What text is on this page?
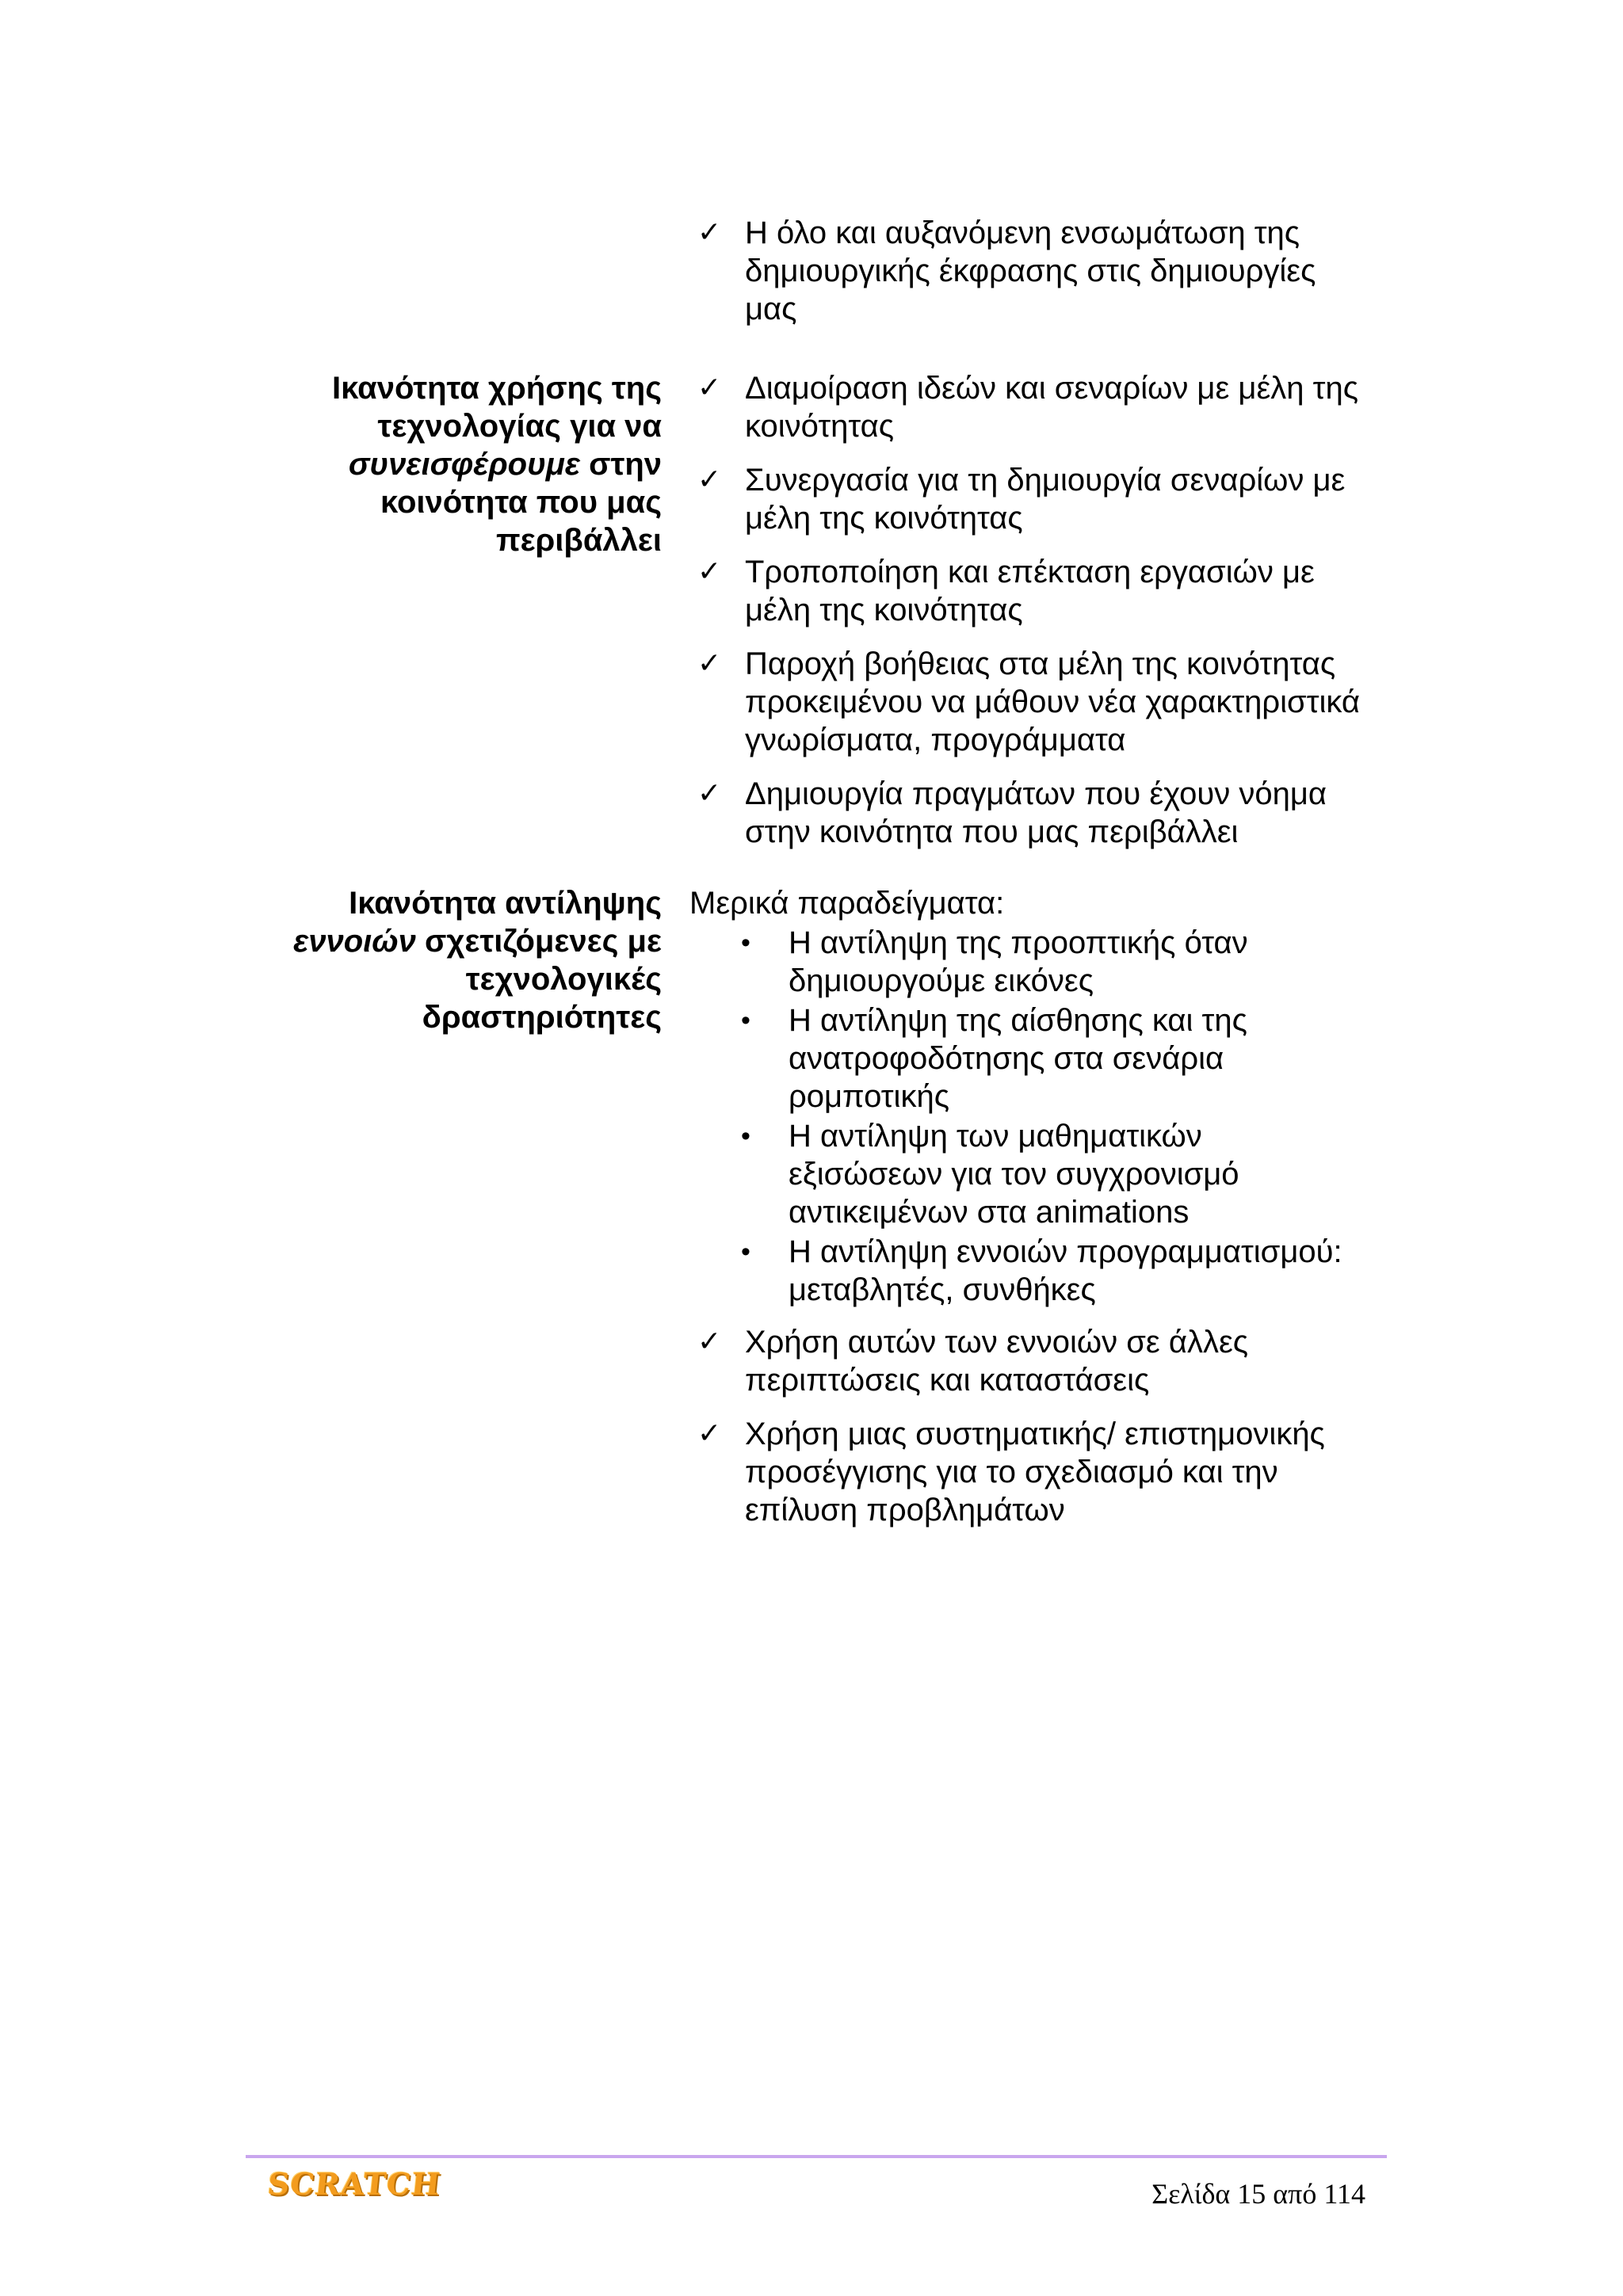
✓ Η όλο και αυξανόμενη ενσωμάτωση της
δημιουργικής έκφρασης στις δημιουργίες
μας
Ικανότητα χρήσης της
τεχνολογίας για να
συνεισφέρουμε στην
κοινότητα που μας
περιβάλλει
✓ Διαμοίραση ιδεών και σεναρίων με μέλη της
κοινότητας
✓ Συνεργασία για τη δημιουργία σεναρίων με
μέλη της κοινότητας
✓ Τροποποίηση και επέκταση εργασιών με
μέλη της κοινότητας
✓ Παροχή βοήθειας στα μέλη της κοινότητας
προκειμένου να μάθουν νέα χαρακτηριστικά
γνωρίσματα, προγράμματα
✓ Δημιουργία πραγμάτων που έχουν νόημα
στην κοινότητα που μας περιβάλλει
Ικανότητα αντίληψης
εννοιών σχετιζόμενες με
τεχνολογικές
δραστηριότητες
Μερικά παραδείγματα:
• Η αντίληψη της προοπτικής όταν
δημιουργούμε εικόνες
• Η αντίληψη της αίσθησης και της
ανατροφοδότησης στα σενάρια
ρομποτικής
• Η αντίληψη των μαθηματικών
εξισώσεων για τον συγχρονισμό
αντικειμένων στα animations
• Η αντίληψη εννοιών προγραμματισμού:
μεταβλητές, συνθήκες
✓ Χρήση αυτών των εννοιών σε άλλες
περιπτώσεις και καταστάσεις
✓ Χρήση μιας συστηματικής/ επιστημονικής
προσέγγισης για το σχεδιασμό και την
επίλυση προβλημάτων
SCRATCH	Σελίδα 15 από 114
